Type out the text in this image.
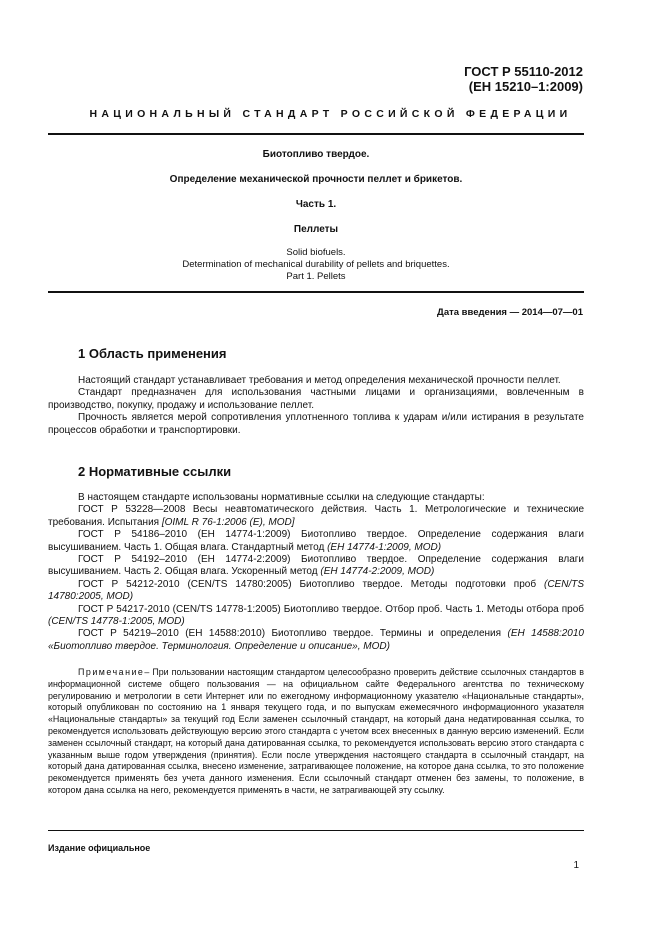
ГОСТ Р 55110-2012
(ЕН 15210–1:2009)
НАЦИОНАЛЬНЫЙ СТАНДАРТ РОССИЙСКОЙ ФЕДЕРАЦИИ
Биотопливо твердое.
Определение механической прочности пеллет и брикетов.
Часть 1.
Пеллеты
Solid biofuels.
Determination of mechanical durability of pellets and briquettes.
Part 1. Pellets
Дата введения — 2014—07—01
1 Область применения

Настоящий стандарт устанавливает требования и метод определения механической прочности пеллет.

Стандарт предназначен для использования частными лицами и организациями, вовлеченным в производство, покупку, продажу и использование пеллет.

Прочность является мерой сопротивления уплотненного топлива к ударам и/или истирания в результате процессов обработки и транспортировки.

2 Нормативные ссылки

В настоящем стандарте использованы нормативные ссылки на следующие стандарты:

ГОСТ Р 53228—2008 Весы неавтоматического действия. Часть 1. Метрологические и технические требования. Испытания [OIML R 76-1:2006 (E), MOD]

ГОСТ Р 54186–2010 (ЕН 14774-1:2009) Биотопливо твердое. Определение содержания влаги высушиванием. Часть 1. Общая влага. Стандартный метод (ЕН 14774-1:2009, MOD)

ГОСТ Р 54192–2010 (ЕН 14774-2:2009) Биотопливо твердое. Определение содержания влаги высушиванием. Часть 2. Общая влага. Ускоренный метод (ЕН 14774-2:2009, MOD)

ГОСТ Р 54212-2010 (CEN/TS 14780:2005) Биотопливо твердое. Методы подготовки проб (CEN/TS 14780:2005, MOD)

ГОСТ Р 54217-2010 (CEN/TS 14778-1:2005) Биотопливо твердое. Отбор проб. Часть 1. Методы отбора проб (CEN/TS 14778-1:2005, MOD)

ГОСТ Р 54219–2010 (ЕН 14588:2010) Биотопливо твердое. Термины и определения (ЕН 14588:2010 «Биотопливо твердое. Терминология. Определение и описание», MOD)

Примечание– При пользовании настоящим стандартом целесообразно проверить действие ссылочных стандартов в информационной системе общего пользования — на официальном сайте Федерального агентства по техническому регулированию и метрологии в сети Интернет или по ежегодному информационному указателю «Национальные стандарты», который опубликован по состоянию на 1 января текущего года, и по выпускам ежемесячного информационного указателя «Национальные стандарты» за текущий год Если заменен ссылочный стандарт, на который дана недатированная ссылка, то рекомендуется использовать действующую версию этого стандарта с учетом всех внесенных в данную версию изменений. Если заменен ссылочный стандарт, на который дана датированная ссылка, то рекомендуется использовать версию этого стандарта с указанным выше годом утверждения (принятия). Если после утверждения настоящего стандарта в ссылочный стандарт, на который дана датированная ссылка, внесено изменение, затрагивающее положение, на которое дана ссылка, то это положение рекомендуется применять без учета данного изменения. Если ссылочный стандарт отменен без замены, то положение, в котором дана ссылка на него, рекомендуется применять в части, не затрагивающей эту ссылку.

Издание официальное
1
